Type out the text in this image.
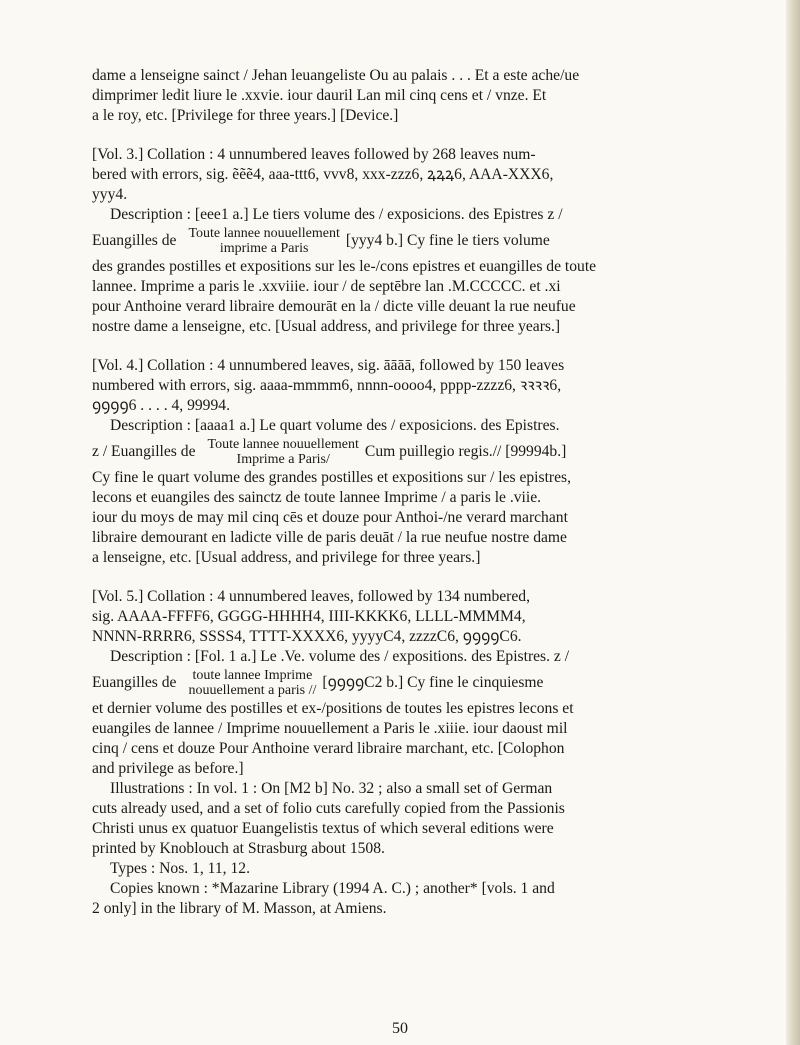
dame a lenseigne sainct / Jehan leuangeliste Ou au palais . . . Et a este ache/ue

dimprimer ledit liure le .xxvie. iour dauril Lan mil cinq cens et / vnze. Et

a le roy, etc. [Privilege for three years.] [Device.]

[Vol. 3.] Collation : 4 unnumbered leaves followed by 268 leaves num-

bered with errors, sig. ẽẽẽ4, aaa-ttt6, vvv8, xxx-zzz6, ꝝꝝꝝ6, AAA-XXX6,

yyy4.

Description : [eee1 a.] Le tiers volume des / exposicions. des Epistres z /

Euangilles de Toute lannee nouuellement
imprime a Paris [yyy4 b.] Cy fine le tiers volume

des grandes postilles et expositions sur les le-/cons epistres et euangilles de toute

lannee. Imprime a paris le .xxviiie. iour / de septēbre lan .M.CCCCC. et .xi

pour Anthoine verard libraire demourāt en la / dicte ville deuant la rue neufue

nostre dame a lenseigne, etc. [Usual address, and privilege for three years.]

[Vol. 4.] Collation : 4 unnumbered leaves, sig. āāāā, followed by 150 leaves

numbered with errors, sig. aaaa-mmmm6, nnnn-oooo4, pppp-zzzz6, ꝛꝛꝛꝛ6,

ꝯꝯꝯꝯ6 . . . . 4, 99994.

Description : [aaaa1 a.] Le quart volume des / exposicions. des Epistres.

z / Euangilles de Toute lannee nouuellement
Imprime a Paris/ Cum puillegio regis.// [99994b.]

Cy fine le quart volume des grandes postilles et expositions sur / les epistres,

lecons et euangiles des sainctz de toute lannee Imprime / a paris le .viie.

iour du moys de may mil cinq cēs et douze pour Anthoi-/ne verard marchant

libraire demourant en ladicte ville de paris deuāt / la rue neufue nostre dame

a lenseigne, etc. [Usual address, and privilege for three years.]

[Vol. 5.] Collation : 4 unnumbered leaves, followed by 134 numbered,

sig. AAAA-FFFF6, GGGG-HHHH4, IIII-KKKK6, LLLL-MMMM4,

NNNN-RRRR6, SSSS4, TTTT-XXXX6, yyyyC4, zzzzC6, ꝯꝯꝯꝯC6.

Description : [Fol. 1 a.] Le .Ve. volume des / expositions. des Epistres. z /

Euangilles de	toute lannee Imprime
nouuellement a paris // [ꝯꝯꝯꝯC2 b.] Cy fine le cinquiesme

et dernier volume des postilles et ex-/positions de toutes les epistres lecons et

euangiles de lannee / Imprime nouuellement a Paris le .xiiie. iour daoust mil

cinq / cens et douze Pour Anthoine verard libraire marchant, etc. [Colophon

and privilege as before.]

Illustrations : In vol. 1 : On [M2 b] No. 32 ; also a small set of German

cuts already used, and a set of folio cuts carefully copied from the Passionis

Christi unus ex quatuor Euangelistis textus of which several editions were

printed by Knoblouch at Strasburg about 1508.

Types : Nos. 1, 11, 12.

Copies known : *Mazarine Library (1994 A. C.) ; another* [vols. 1 and

2 only] in the library of M. Masson, at Amiens.

50
